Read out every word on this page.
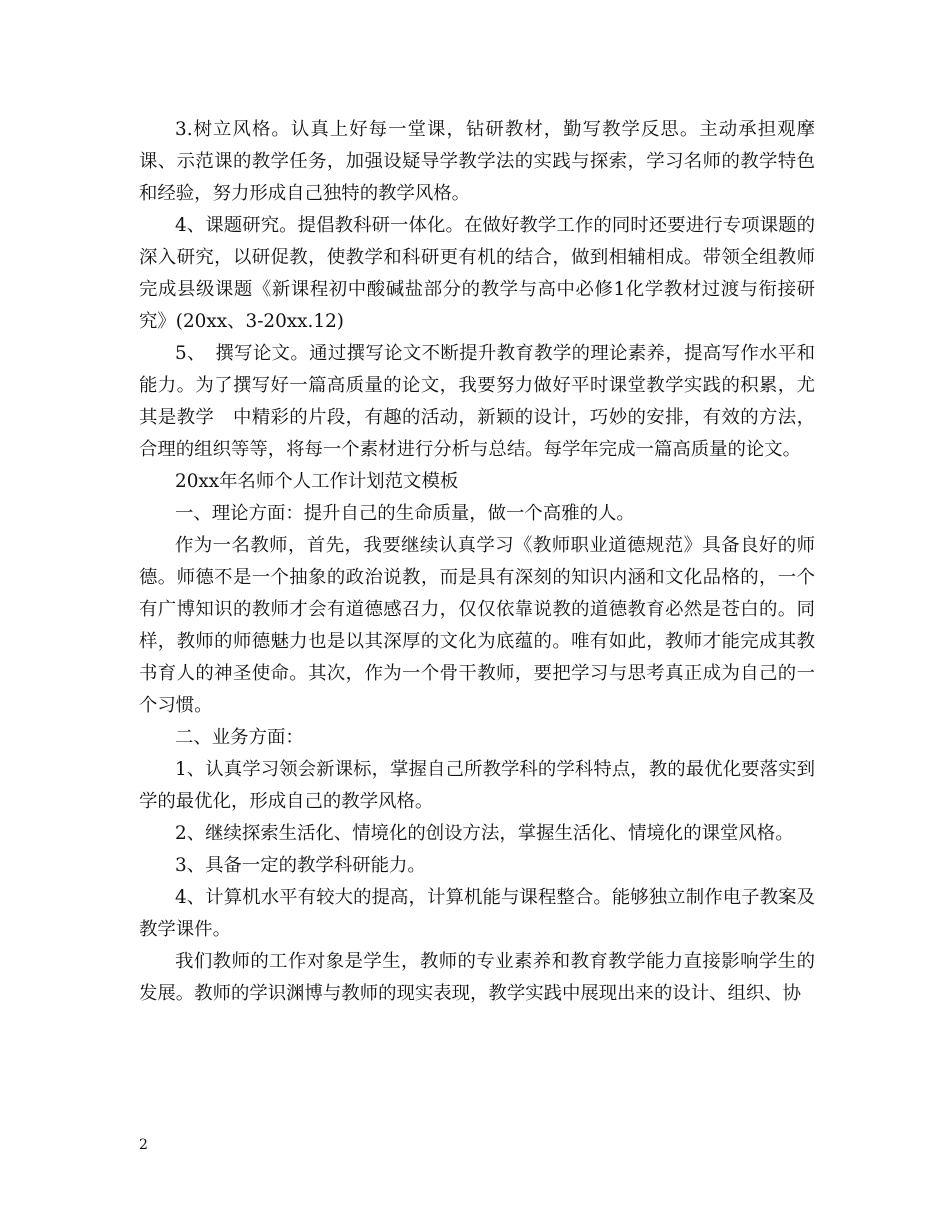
3.树立风格。认真上好每一堂课，钻研教材，勤写教学反思。主动承担观摩课、示范课的教学任务，加强设疑导学教学法的实践与探索，学习名师的教学特色和经验，努力形成自己独特的教学风格。

4、课题研究。提倡教科研一体化。在做好教学工作的同时还要进行专项课题的深入研究，以研促教，使教学和科研更有机的结合，做到相辅相成。带领全组教师完成县级课题《新课程初中酸碱盐部分的教学与高中必修1化学教材过渡与衔接研究》(20xx、3-20xx.12)

5、　撰写论文。通过撰写论文不断提升教育教学的理论素养，提高写作水平和能力。为了撰写好一篇高质量的论文，我要努力做好平时课堂教学实践的积累，尤其是教学　中精彩的片段，有趣的活动，新颖的设计，巧妙的安排，有效的方法，合理的组织等等，将每一个素材进行分析与总结。每学年完成一篇高质量的论文。

20xx年名师个人工作计划范文模板

一、理论方面：提升自己的生命质量，做一个高雅的人。

作为一名教师，首先，我要继续认真学习《教师职业道德规范》具备良好的师德。师德不是一个抽象的政治说教，而是具有深刻的知识内涵和文化品格的，一个有广博知识的教师才会有道德感召力，仅仅依靠说教的道德教育必然是苍白的。同样，教师的师德魅力也是以其深厚的文化为底蕴的。唯有如此，教师才能完成其教书育人的神圣使命。其次，作为一个骨干教师，要把学习与思考真正成为自己的一个习惯。

二、业务方面：

1、认真学习领会新课标，掌握自己所教学科的学科特点，教的最优化要落实到学的最优化，形成自己的教学风格。

2、继续探索生活化、情境化的创设方法，掌握生活化、情境化的课堂风格。

3、具备一定的教学科研能力。

4、计算机水平有较大的提高，计算机能与课程整合。能够独立制作电子教案及教学课件。

我们教师的工作对象是学生，教师的专业素养和教育教学能力直接影响学生的发展。教师的学识渊博与教师的现实表现，教学实践中展现出来的设计、组织、协

2
